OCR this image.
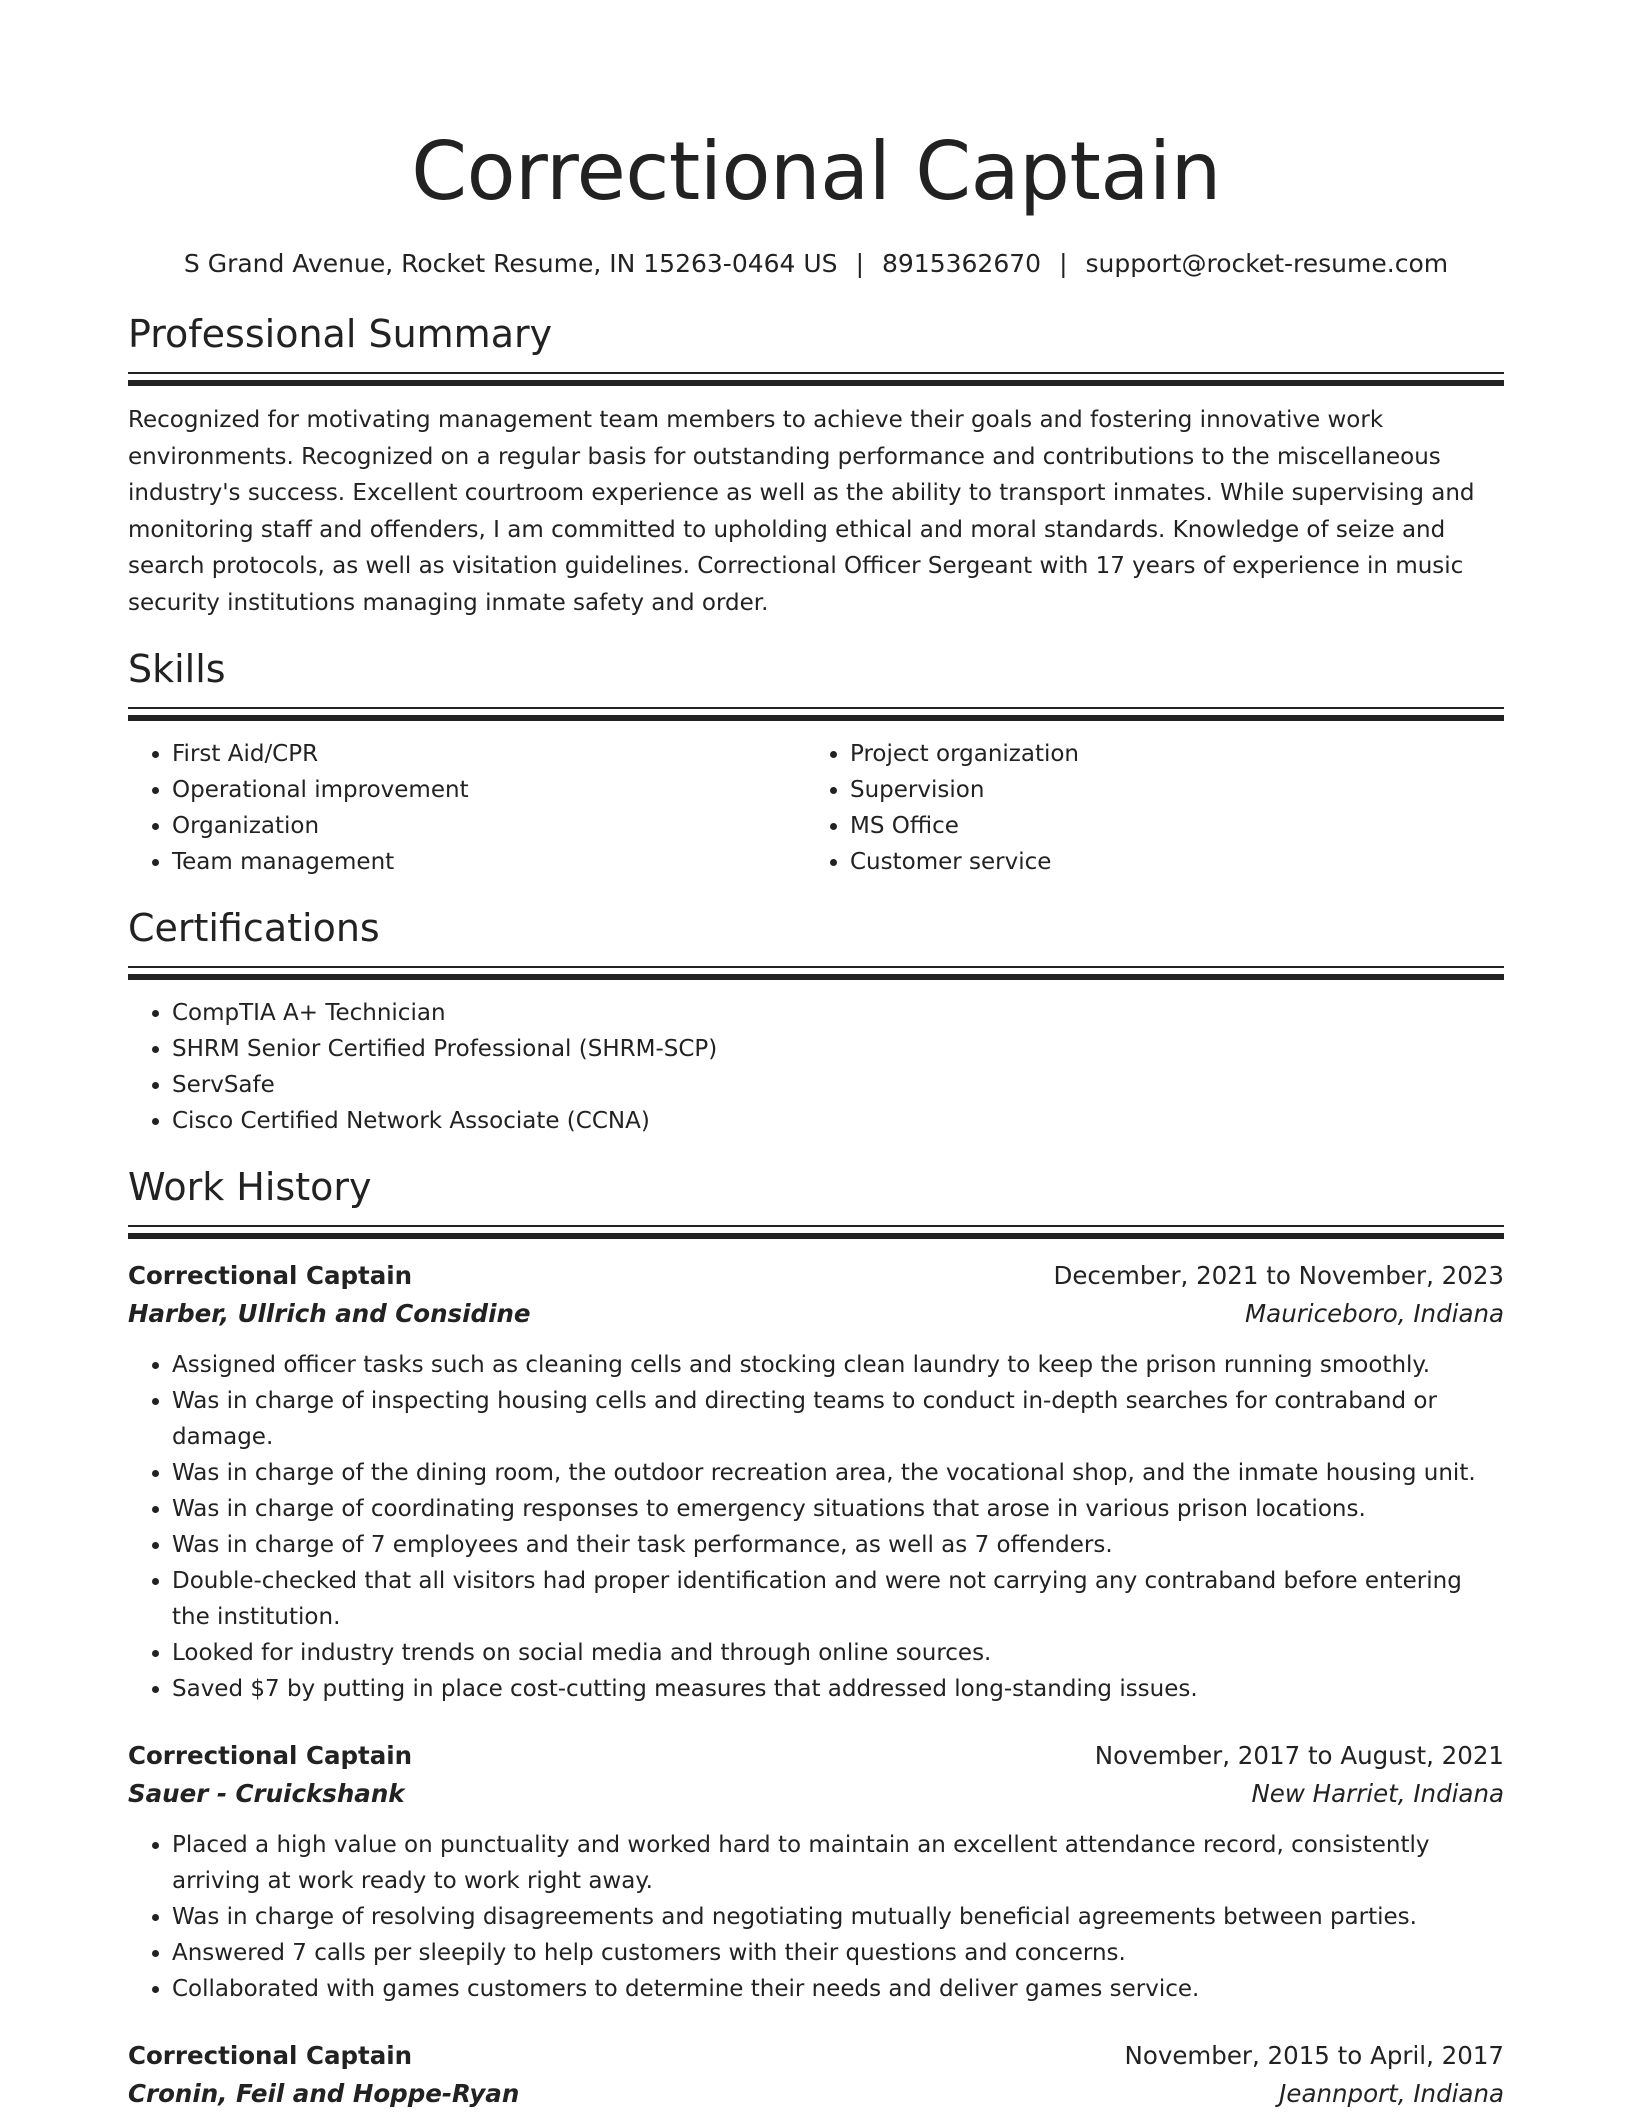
Correctional Captain
S Grand Avenue, Rocket Resume, IN 15263-0464 US | 8915362670 | support@rocket-resume.com
Professional Summary

Recognized for motivating management team members to achieve their goals and fostering innovative work environments. Recognized on a regular basis for outstanding performance and contributions to the miscellaneous industry's success. Excellent courtroom experience as well as the ability to transport inmates. While supervising and monitoring staff and offenders, I am committed to upholding ethical and moral standards. Knowledge of seize and search protocols, as well as visitation guidelines. Correctional Officer Sergeant with 17 years of experience in music security institutions managing inmate safety and order.

Skills
• First Aid/CPR
• Operational improvement
• Organization
• Team management
• Project organization
• Supervision
• MS Office
• Customer service
Certifications
• CompTIA A+ Technician
• SHRM Senior Certified Professional (SHRM-SCP)
• ServSafe
• Cisco Certified Network Associate (CCNA)
Work History
Correctional Captain	December, 2021 to November, 2023
Harber, Ullrich and Considine	Mauriceboro, Indiana
• Assigned officer tasks such as cleaning cells and stocking clean laundry to keep the prison running smoothly.
• Was in charge of inspecting housing cells and directing teams to conduct in-depth searches for contraband or damage.
• Was in charge of the dining room, the outdoor recreation area, the vocational shop, and the inmate housing unit.
• Was in charge of coordinating responses to emergency situations that arose in various prison locations.
• Was in charge of 7 employees and their task performance, as well as 7 offenders.
• Double-checked that all visitors had proper identification and were not carrying any contraband before entering the institution.
• Looked for industry trends on social media and through online sources.
• Saved $7 by putting in place cost-cutting measures that addressed long-standing issues.
Correctional Captain	November, 2017 to August, 2021
Sauer - Cruickshank	New Harriet, Indiana
• Placed a high value on punctuality and worked hard to maintain an excellent attendance record, consistently arriving at work ready to work right away.
• Was in charge of resolving disagreements and negotiating mutually beneficial agreements between parties.
• Answered 7 calls per sleepily to help customers with their questions and concerns.
• Collaborated with games customers to determine their needs and deliver games service.
Correctional Captain	November, 2015 to April, 2017
Cronin, Feil and Hoppe-Ryan	Jeannport, Indiana
